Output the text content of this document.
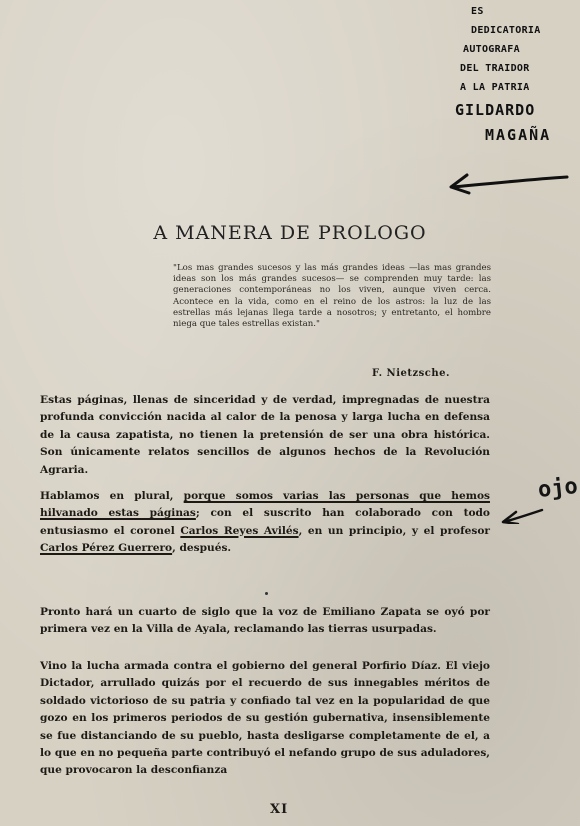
ES
DEDICATORIA
AUTOGRAFA
DEL TRAIDOR
A LA PATRIA
GILDARDO
MAGAÑA
ojo
A MANERA DE PROLOGO
"Los mas grandes sucesos y las más grandes ideas —las mas grandes ideas son los más grandes sucesos— se comprenden muy tarde: las generaciones contemporáneas no los viven, aunque viven cerca. Acontece en la vida, como en el reino de los astros: la luz de las estrellas más lejanas llega tarde a nosotros; y entretanto, el hombre niega que tales estrellas existan."
F. Nietzsche.
Estas páginas, llenas de sinceridad y de verdad, impregnadas de nuestra profunda convicción nacida al calor de la penosa y larga lucha en defensa de la causa zapatista, no tienen la pretensión de ser una obra histórica. Son únicamente relatos sencillos de algunos hechos de la Revolución Agraria.
Hablamos en plural, porque somos varias las personas que hemos hilvanado estas páginas; con el suscrito han colaborado con todo entusiasmo el coronel Carlos Reyes Avilés, en un principio, y el profesor Carlos Pérez Guerrero, después.
Pronto hará un cuarto de siglo que la voz de Emiliano Zapata se oyó por primera vez en la Villa de Ayala, reclamando las tierras usurpadas.
Vino la lucha armada contra el gobierno del general Porfirio Díaz. El viejo Dictador, arrullado quizás por el recuerdo de sus innegables méritos de soldado victorioso de su patria y confiado tal vez en la popularidad de que gozo en los primeros periodos de su gestión gubernativa, insensiblemente se fue distanciando de su pueblo, hasta desligarse completamente de el, a lo que en no pequeña parte contribuyó el nefando grupo de sus aduladores, que provocaron la desconfianza
XI
